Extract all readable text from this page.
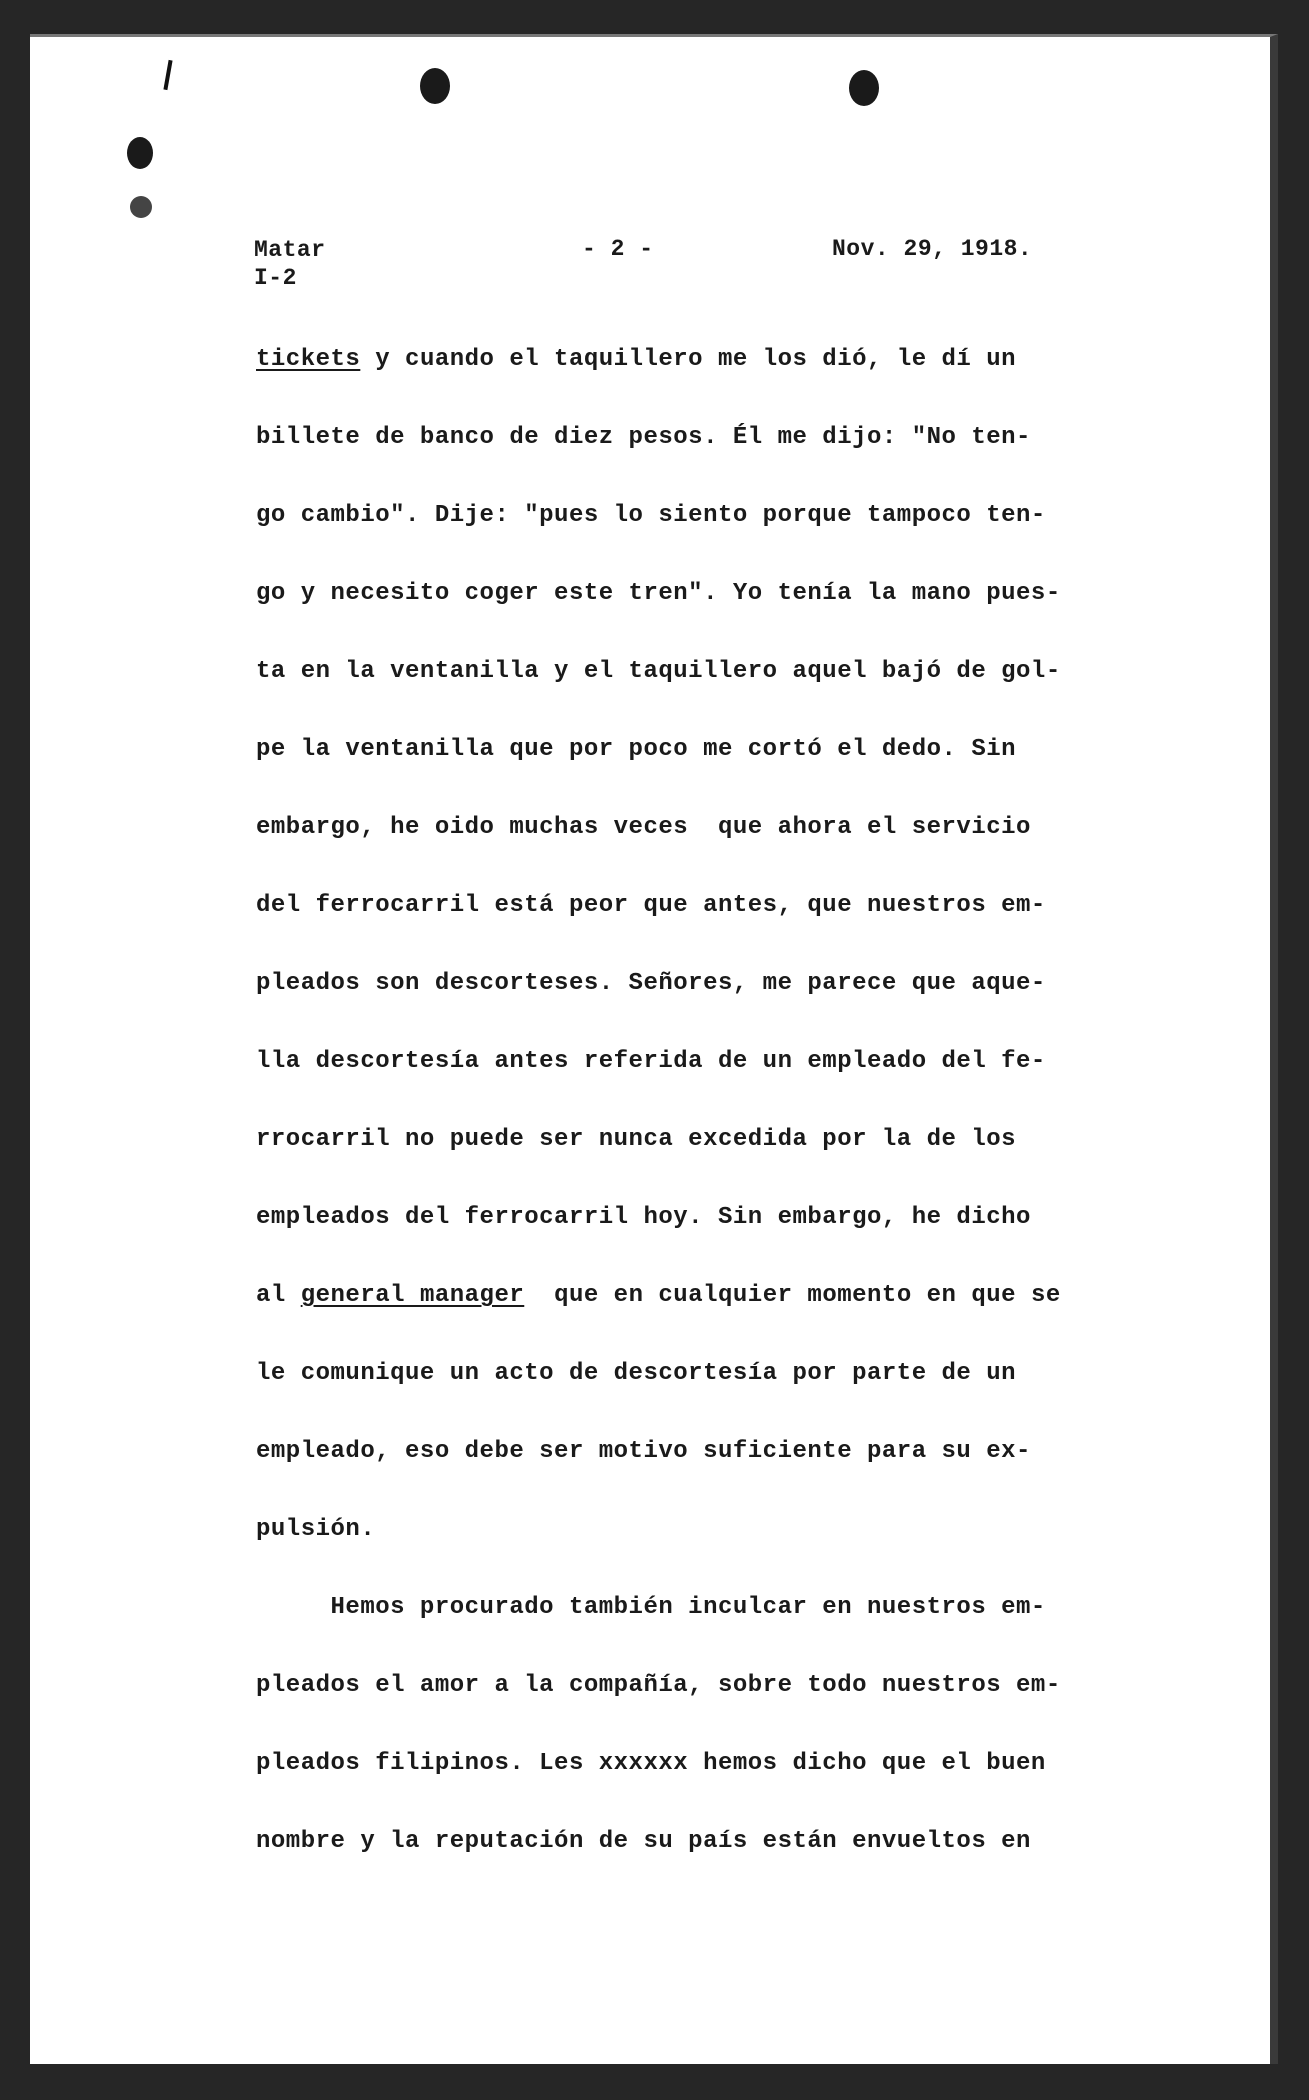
Matar
I-2
- 2 -	Nov. 29, 1918.
tickets y cuando el taquillero me los dió, le dí un
billete de banco de diez pesos. Él me dijo: "No ten-
go cambio". Dije: "pues lo siento porque tampoco ten-
go y necesito coger este tren". Yo tenía la mano pues-
ta en la ventanilla y el taquillero aquel bajó de gol-
pe la ventanilla que por poco me cortó el dedo. Sin
embargo, he oido muchas veces  que ahora el servicio
del ferrocarril está peor que antes, que nuestros em-
pleados son descorteses. Señores, me parece que aque-
lla descortesía antes referida de un empleado del fe-
rrocarril no puede ser nunca excedida por la de los
empleados del ferrocarril hoy. Sin embargo, he dicho
al general manager  que en cualquier momento en que se
le comunique un acto de descortesía por parte de un
empleado, eso debe ser motivo suficiente para su ex-
pulsión.
Hemos procurado también inculcar en nuestros em-
pleados el amor a la compañía, sobre todo nuestros em-
pleados filipinos. Les xxxxxx hemos dicho que el buen
nombre y la reputación de su país están envueltos en
